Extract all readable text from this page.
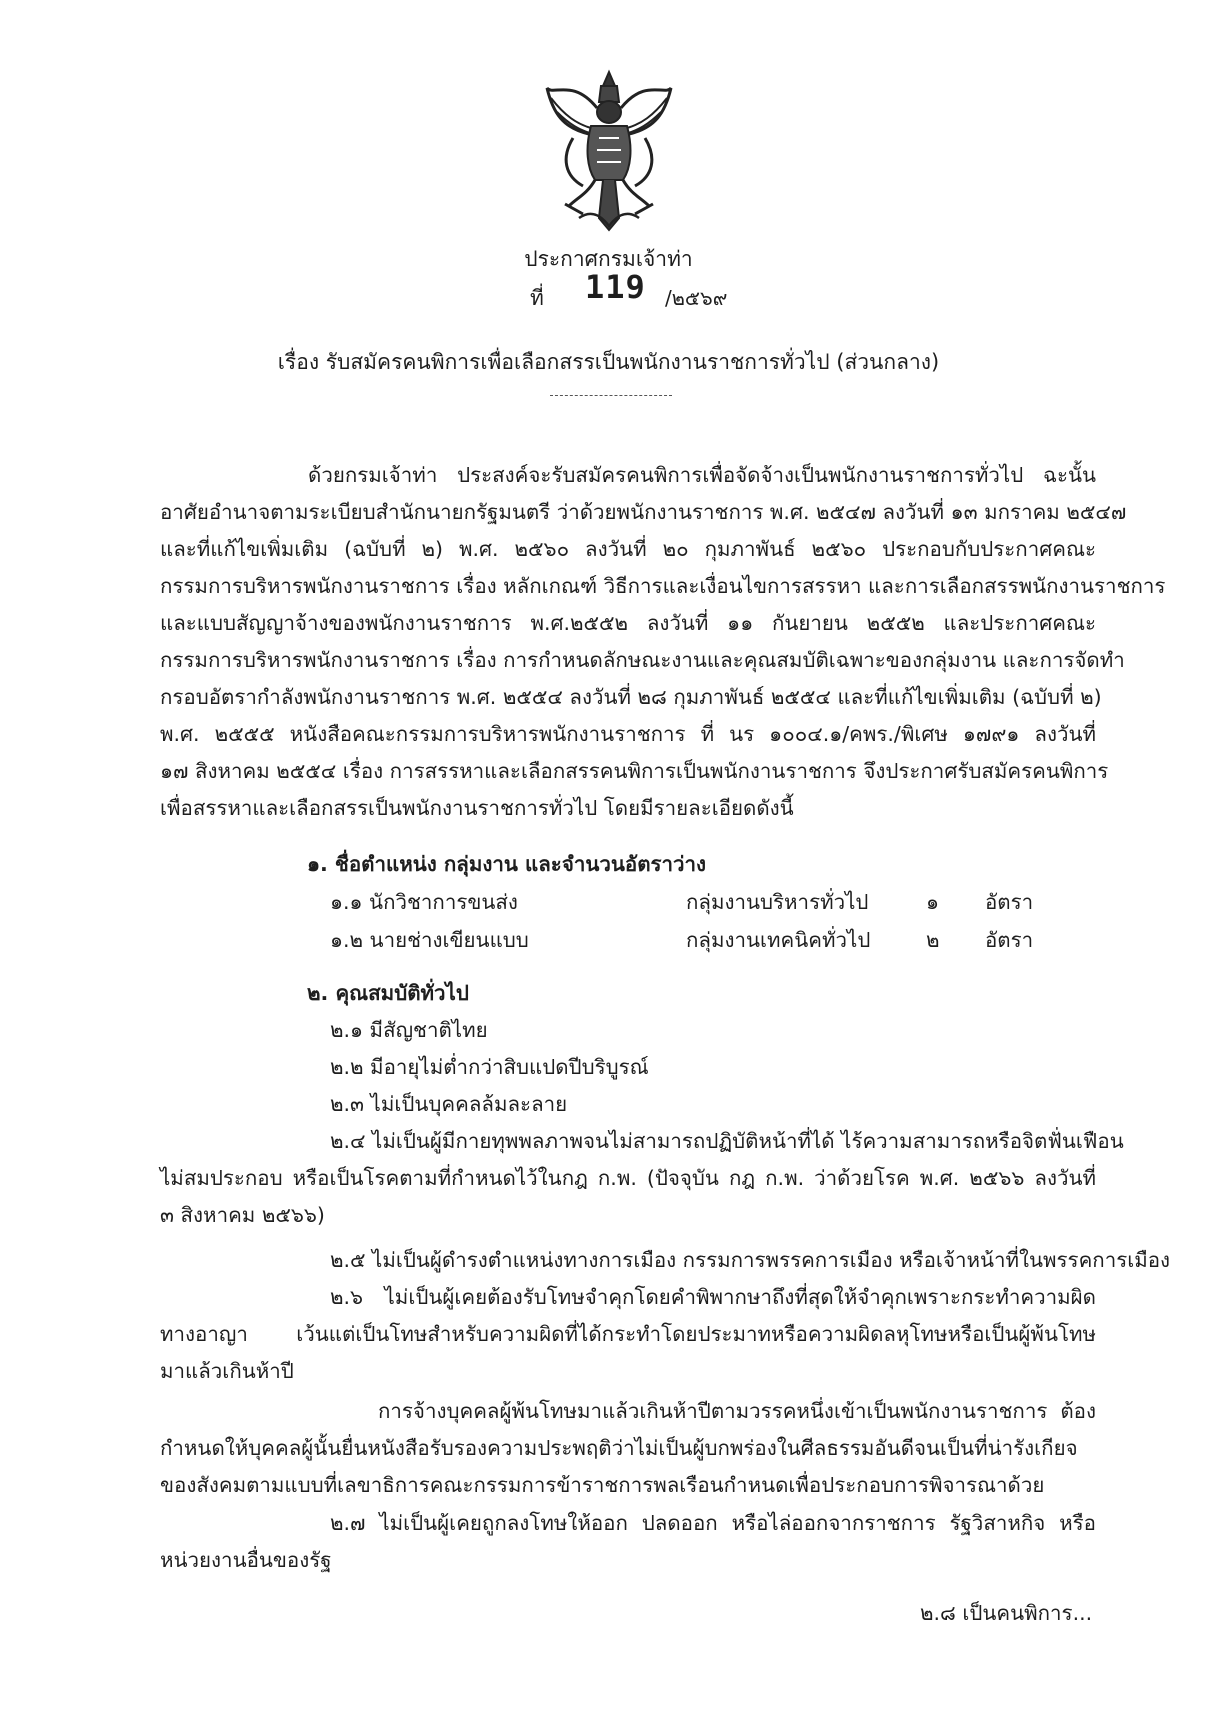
ประกาศกรมเจ้าท่า
ที่ 119 /๒๕๖๙
เรื่อง รับสมัครคนพิการเพื่อเลือกสรรเป็นพนักงานราชการทั่วไป (ส่วนกลาง)
ด้วยกรมเจ้าท่า ประสงค์จะรับสมัครคนพิการเพื่อจัดจ้างเป็นพนักงานราชการทั่วไป ฉะนั้น
อาศัยอำนาจตามระเบียบสำนักนายกรัฐมนตรี ว่าด้วยพนักงานราชการ พ.ศ. ๒๕๔๗ ลงวันที่ ๑๓ มกราคม ๒๕๔๗
และที่แก้ไขเพิ่มเติม (ฉบับที่ ๒) พ.ศ. ๒๕๖๐ ลงวันที่ ๒๐ กุมภาพันธ์ ๒๕๖๐ ประกอบกับประกาศคณะ
กรรมการบริหารพนักงานราชการ เรื่อง หลักเกณฑ์ วิธีการและเงื่อนไขการสรรหา และการเลือกสรรพนักงานราชการ
และแบบสัญญาจ้างของพนักงานราชการ พ.ศ.๒๕๕๒ ลงวันที่ ๑๑ กันยายน ๒๕๕๒ และประกาศคณะ
กรรมการบริหารพนักงานราชการ เรื่อง การกำหนดลักษณะงานและคุณสมบัติเฉพาะของกลุ่มงาน และการจัดทำ
กรอบอัตรากำลังพนักงานราชการ พ.ศ. ๒๕๕๔ ลงวันที่ ๒๘ กุมภาพันธ์ ๒๕๕๔ และที่แก้ไขเพิ่มเติม (ฉบับที่ ๒)
พ.ศ. ๒๕๕๕ หนังสือคณะกรรมการบริหารพนักงานราชการ ที่ นร ๑๐๐๔.๑/คพร./พิเศษ ๑๗๙๑ ลงวันที่
๑๗ สิงหาคม ๒๕๕๔ เรื่อง การสรรหาและเลือกสรรคนพิการเป็นพนักงานราชการ จึงประกาศรับสมัครคนพิการ
เพื่อสรรหาและเลือกสรรเป็นพนักงานราชการทั่วไป โดยมีรายละเอียดดังนี้
๑. ชื่อตำแหน่ง กลุ่มงาน และจำนวนอัตราว่าง
๑.๑ นักวิชาการขนส่ง	กลุ่มงานบริหารทั่วไป	๑ อัตรา
๑.๒ นายช่างเขียนแบบ	กลุ่มงานเทคนิคทั่วไป	๒ อัตรา
๒. คุณสมบัติทั่วไป
๒.๑ มีสัญชาติไทย
๒.๒ มีอายุไม่ต่ำกว่าสิบแปดปีบริบูรณ์
๒.๓ ไม่เป็นบุคคลล้มละลาย
๒.๔ ไม่เป็นผู้มีกายทุพพลภาพจนไม่สามารถปฏิบัติหน้าที่ได้ ไร้ความสามารถหรือจิตฟั่นเฟือน
ไม่สมประกอบ หรือเป็นโรคตามที่กำหนดไว้ในกฎ ก.พ. (ปัจจุบัน กฎ ก.พ. ว่าด้วยโรค พ.ศ. ๒๕๖๖ ลงวันที่
๓ สิงหาคม ๒๕๖๖)
๒.๕ ไม่เป็นผู้ดำรงตำแหน่งทางการเมือง กรรมการพรรคการเมือง หรือเจ้าหน้าที่ในพรรคการเมือง
๒.๖ ไม่เป็นผู้เคยต้องรับโทษจำคุกโดยคำพิพากษาถึงที่สุดให้จำคุกเพราะกระทำความผิด
ทางอาญา เว้นแต่เป็นโทษสำหรับความผิดที่ได้กระทำโดยประมาทหรือความผิดลหุโทษหรือเป็นผู้พ้นโทษ
มาแล้วเกินห้าปี
การจ้างบุคคลผู้พ้นโทษมาแล้วเกินห้าปีตามวรรคหนึ่งเข้าเป็นพนักงานราชการ ต้อง
กำหนดให้บุคคลผู้นั้นยื่นหนังสือรับรองความประพฤติว่าไม่เป็นผู้บกพร่องในศีลธรรมอันดีจนเป็นที่น่ารังเกียจ
ของสังคมตามแบบที่เลขาธิการคณะกรรมการข้าราชการพลเรือนกำหนดเพื่อประกอบการพิจารณาด้วย
๒.๗ ไม่เป็นผู้เคยถูกลงโทษให้ออก ปลดออก หรือไล่ออกจากราชการ รัฐวิสาหกิจ หรือ
หน่วยงานอื่นของรัฐ
๒.๘ เป็นคนพิการ...
